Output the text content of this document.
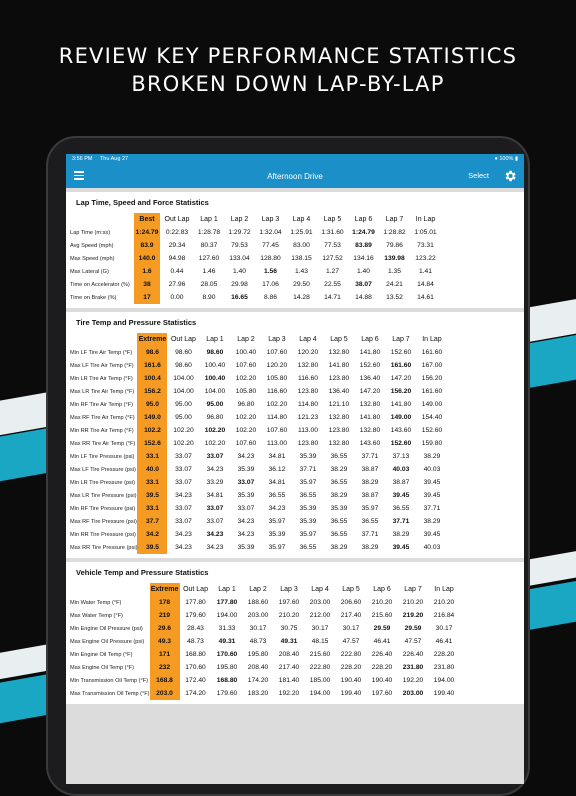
REVIEW KEY PERFORMANCE STATISTICS
BROKEN DOWN LAP-BY-LAP
3:56 PM Thu Aug 27	● 100% ▮
Afternoon Drive	Select
Lap Time, Speed and Force Statistics
	Best	Out Lap	Lap 1	Lap 2	Lap 3	Lap 4	Lap 5	Lap 6	Lap 7	In Lap
Lap Time (m:ss)	1:24.79	0:22.83	1:28.78	1:29.72	1:32.04	1:25.91	1:31.60	1:24.79	1:28.82	1:05.01
Avg Speed (mph)	83.9	29.34	80.37	79.53	77.45	83.00	77.53	83.89	79.86	73.31
Max Speed (mph)	140.0	94.98	127.60	133.04	128.80	138.15	127.52	134.16	139.98	123.22
Max Lateral (G)	1.6	0.44	1.46	1.40	1.56	1.43	1.27	1.40	1.35	1.41
Time on Accelerator (%)	38	27.96	28.05	29.98	17.06	29.50	22.55	38.07	24.21	14.84
Time on Brake (%)	17	0.00	8.90	16.65	8.86	14.28	14.71	14.88	13.52	14.61
Tire Temp and Pressure Statistics
	Extreme	Out Lap	Lap 1	Lap 2	Lap 3	Lap 4	Lap 5	Lap 6	Lap 7	In Lap
Min LF Tire Air Temp (°F)	98.6	98.60	98.60	100.40	107.60	120.20	132.80	141.80	152.60	161.60
Max LF Tire Air Temp (°F)	161.6	98.60	100.40	107.60	120.20	132.80	141.80	152.60	161.60	167.00
Min LR Tire Air Temp (°F)	100.4	104.00	100.40	102.20	105.80	116.60	123.80	136.40	147.20	156.20
Max LR Tire Air Temp (°F)	156.2	104.00	104.00	105.80	116.60	123.80	136.40	147.20	156.20	161.60
Min RF Tire Air Temp (°F)	95.0	95.00	95.00	96.80	102.20	114.80	121.10	132.80	141.80	149.00
Max RF Tire Air Temp (°F)	149.0	95.00	96.80	102.20	114.80	121.23	132.80	141.80	149.00	154.40
Min RR Tire Air Temp (°F)	102.2	102.20	102.20	102.20	107.60	113.00	123.80	132.80	143.60	152.60
Max RR Tire Air Temp (°F)	152.6	102.20	102.20	107.60	113.00	123.80	132.80	143.60	152.60	159.80
Min LF Tire Pressure (psi)	33.1	33.07	33.07	34.23	34.81	35.39	36.55	37.71	37.13	38.29
Max LF Tire Pressure (psi)	40.0	33.07	34.23	35.39	36.12	37.71	38.29	38.87	40.03	40.03
Min LR Tire Pressure (psi)	33.1	33.07	33.29	33.07	34.81	35.97	36.55	38.29	38.87	39.45
Max LR Tire Pressure (psi)	39.5	34.23	34.81	35.39	36.55	36.55	38.29	38.87	39.45	39.45
Min RF Tire Pressure (psi)	33.1	33.07	33.07	33.07	34.23	35.39	35.39	35.97	36.55	37.71
Max RF Tire Pressure (psi)	37.7	33.07	33.07	34.23	35.97	35.39	36.55	36.55	37.71	38.29
Min RR Tire Pressure (psi)	34.2	34.23	34.23	34.23	35.39	35.97	36.55	37.71	38.29	39.45
Max RR Tire Pressure (psi)	39.5	34.23	34.23	35.39	35.97	36.55	38.29	38.29	39.45	40.03
Vehicle Temp and Pressure Statistics
	Extreme	Out Lap	Lap 1	Lap 2	Lap 3	Lap 4	Lap 5	Lap 6	Lap 7	In Lap
Min Water Temp (°F)	178	177.80	177.80	188.60	197.60	203.00	206.60	210.20	210.20	210.20
Max Water Temp (°F)	219	179.60	194.00	203.00	210.20	212.00	217.40	215.60	219.20	216.84
Min Engine Oil Pressure (psi)	29.6	28.43	31.33	30.17	30.75	30.17	30.17	29.59	29.59	30.17
Max Engine Oil Pressure (psi)	49.3	48.73	49.31	48.73	49.31	48.15	47.57	46.41	47.57	46.41
Min Engine Oil Temp (°F)	171	168.80	170.60	195.80	208.40	215.60	222.80	226.40	226.40	228.20
Max Engine Oil Temp (°F)	232	170.60	195.80	208.40	217.40	222.80	228.20	228.20	231.80	231.80
Min Transmission Oil Temp (°F)	168.8	172.40	168.80	174.20	181.40	185.00	190.40	190.40	192.20	194.00
Max Transmission Oil Temp (°F)	203.0	174.20	179.60	183.20	192.20	194.00	199.40	197.60	203.00	199.40
